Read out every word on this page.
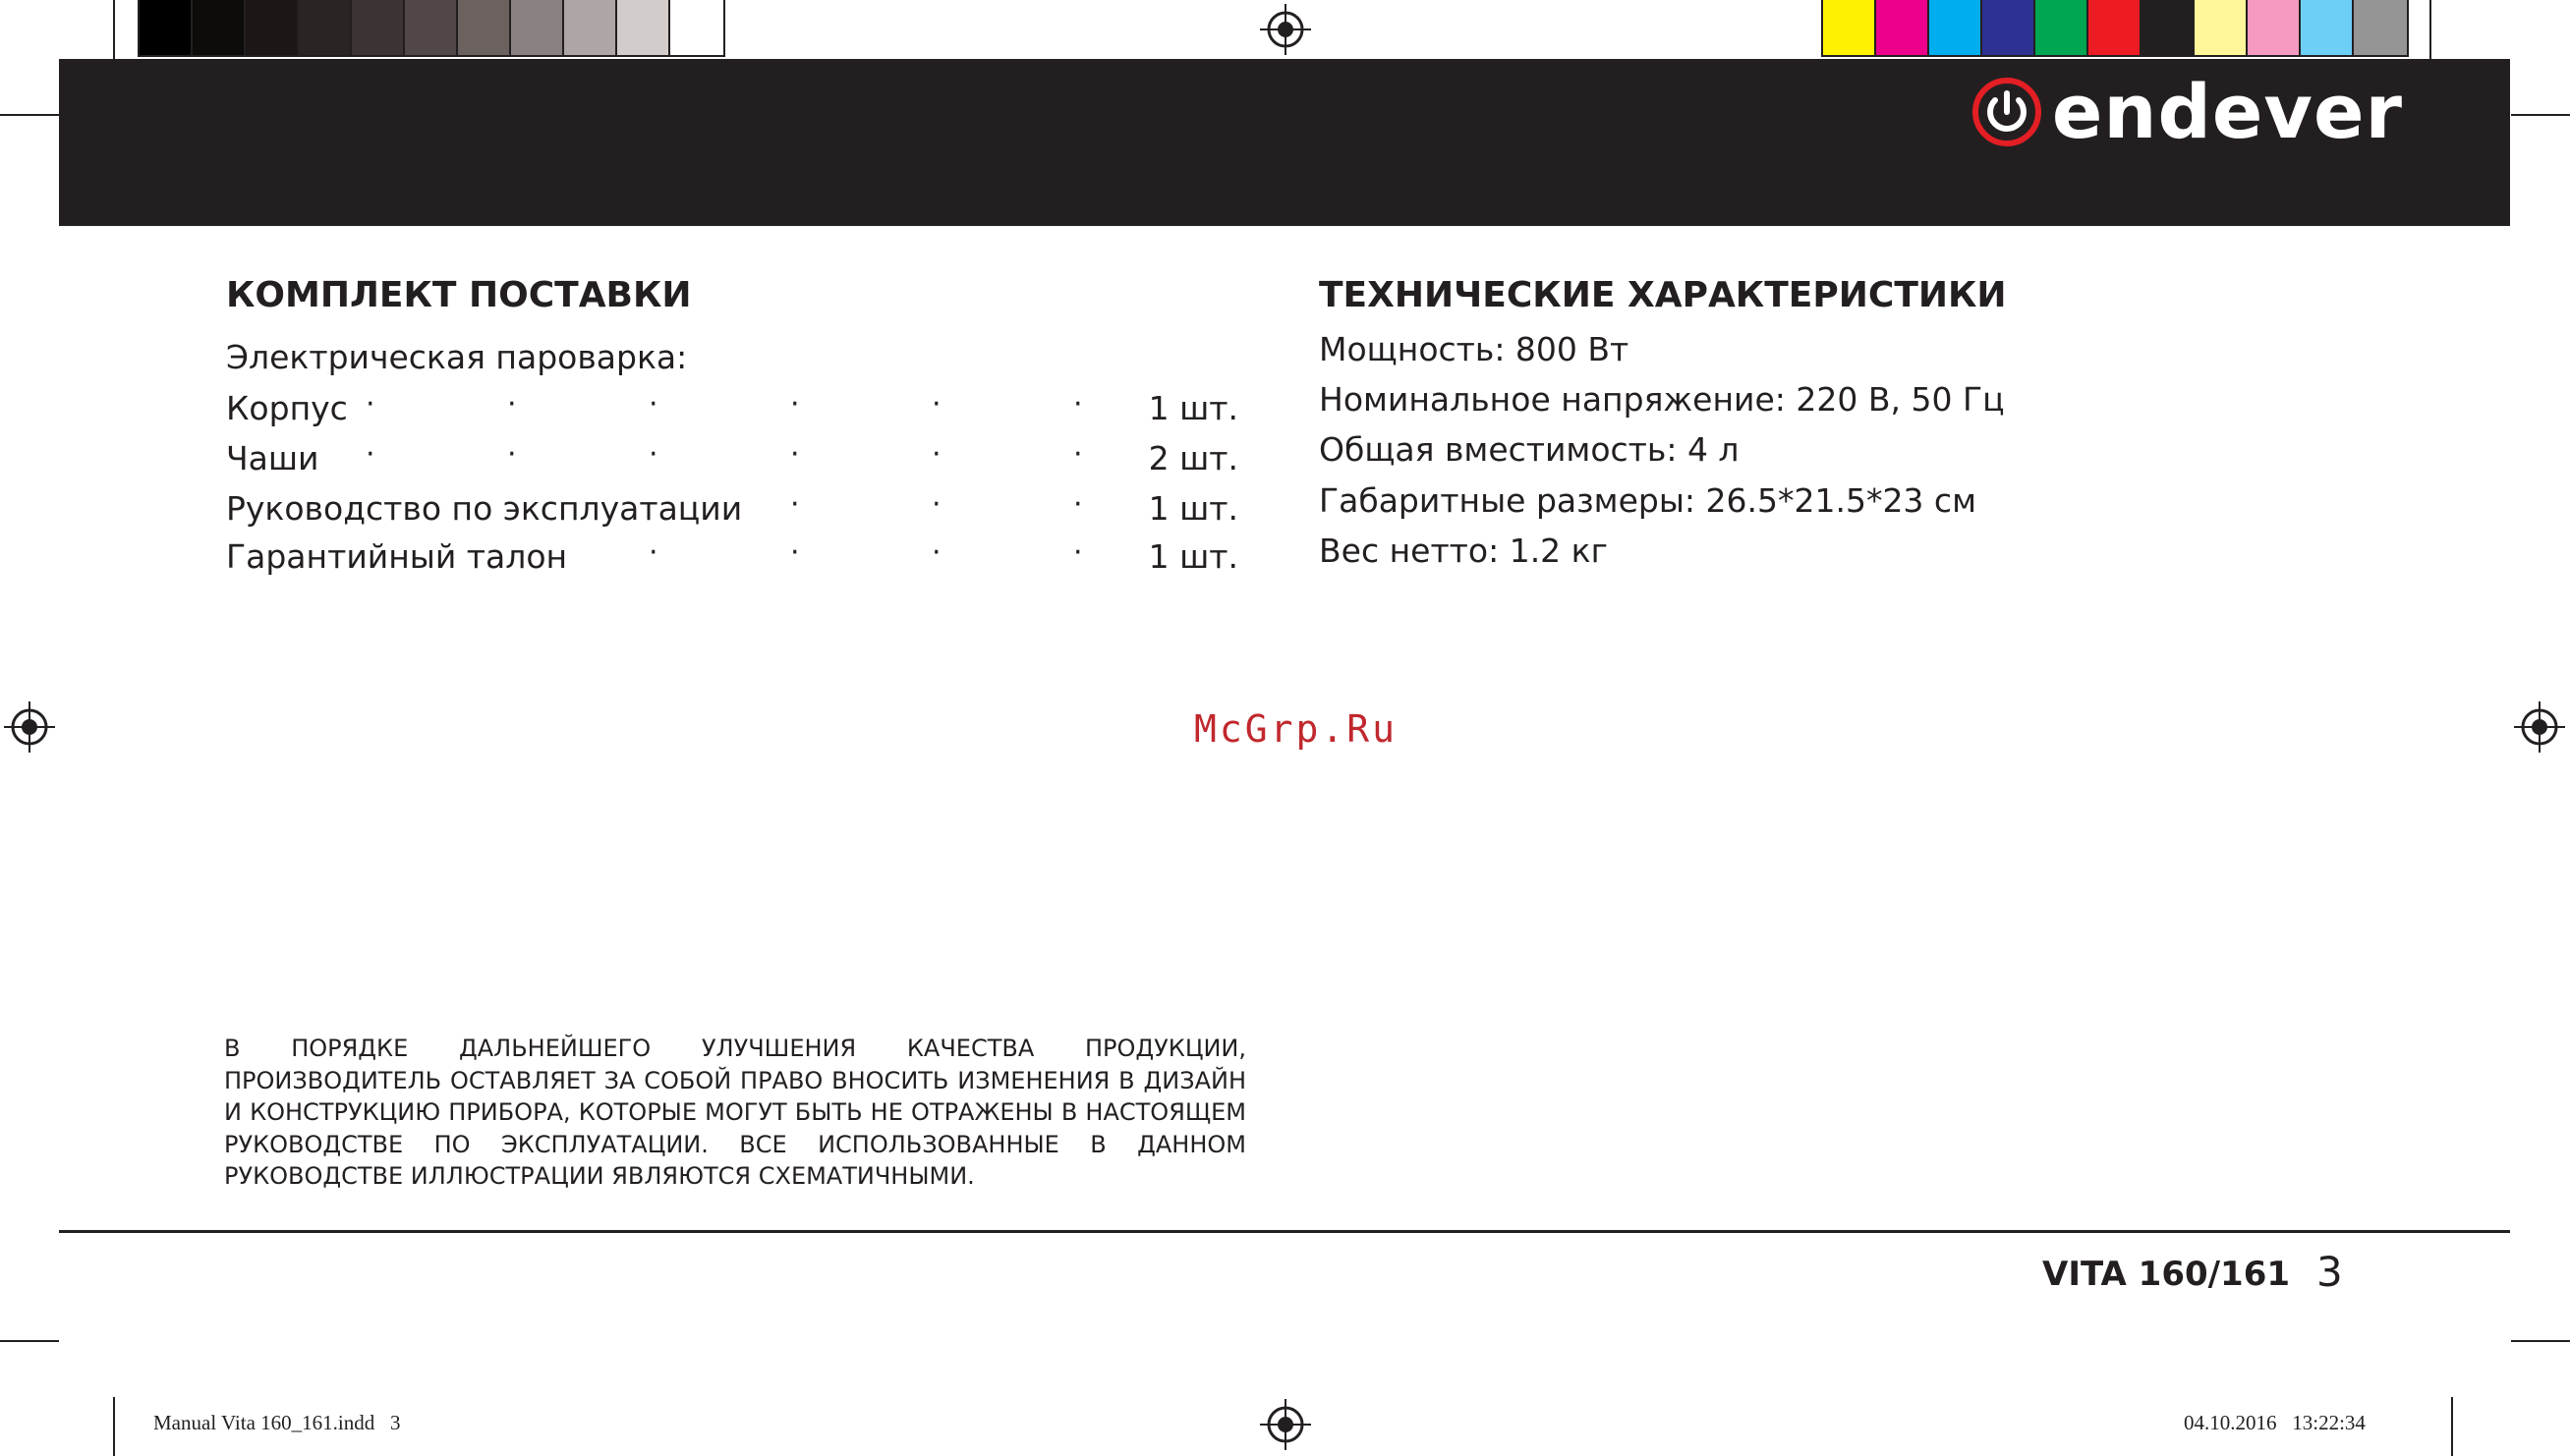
endever
КОМПЛЕКТ ПОСТАВКИ
Электрическая пароварка:
Корпус ·	·	·	·	·	· 1 шт.
Чаши ·	·	·	·	·	· 2 шт.
Руководство по эксплуатации ·	·	· 1 шт.
Гарантийный талон	·	·	·	· 1 шт.
ТЕХНИЧЕСКИЕ ХАРАКТЕРИСТИКИ
Мощность: 800 Вт
Номинальное напряжение: 220 В, 50 Гц
Общая вместимость: 4 л
Габаритные размеры: 26.5*21.5*23 см
Вес нетто: 1.2 кг
McGrp.Ru
В ПОРЯДКЕ ДАЛЬНЕЙШЕГО УЛУЧШЕНИЯ КАЧЕСТВА ПРОДУКЦИИ, ПРОИЗВОДИТЕЛЬ ОСТАВЛЯЕТ ЗА СОБОЙ ПРАВО ВНОСИТЬ ИЗМЕНЕНИЯ В ДИЗАЙН И КОНСТРУКЦИЮ ПРИБОРА, КОТОРЫЕ МОГУТ БЫТЬ НЕ ОТРАЖЕНЫ В НАСТОЯЩЕМ РУКОВОДСТВЕ ПО ЭКСПЛУАТАЦИИ. ВСЕ ИСПОЛЬЗОВАННЫЕ В ДАННОМ РУКОВОДСТВЕ ИЛЛЮСТРАЦИИ ЯВЛЯЮТСЯ СХЕМАТИЧНЫМИ.
VITA 160/161 3
Manual Vita 160_161.indd   3	04.10.2016   13:22:34
